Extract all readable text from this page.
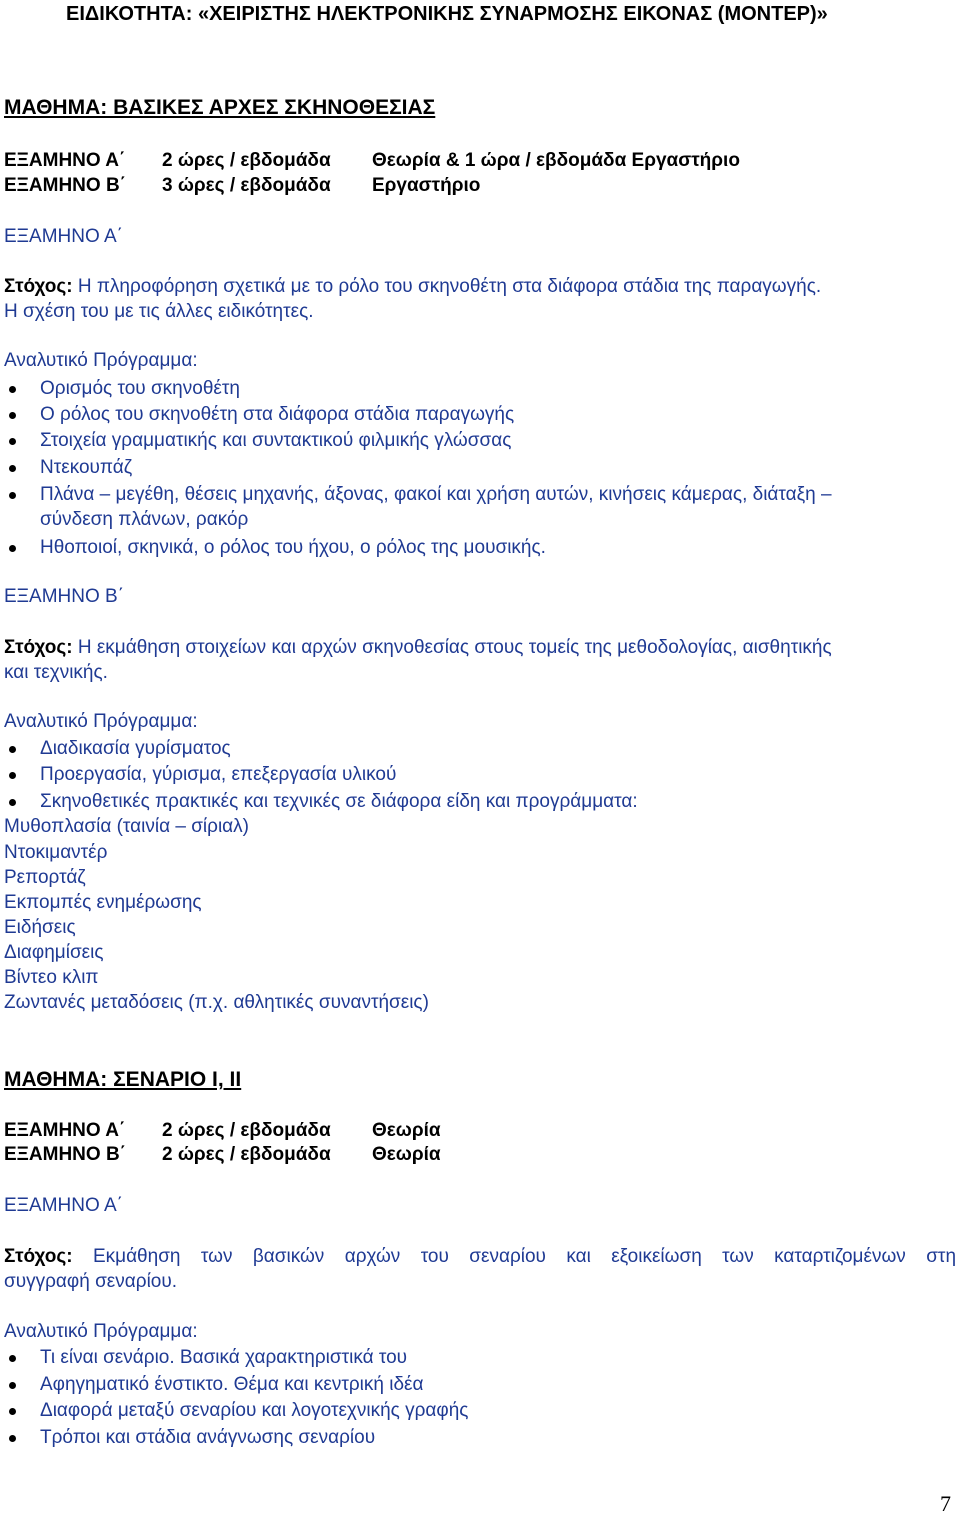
ΕΙΔΙΚΟΤΗΤΑ: «ΧΕΙΡΙΣΤΗΣ ΗΛΕΚΤΡΟΝΙΚΗΣ ΣΥΝΑΡΜΟΣΗΣ ΕΙΚΟΝΑΣ (ΜΟΝΤΕΡ)»
ΜΑΘΗΜΑ: ΒΑΣΙΚΕΣ ΑΡΧΕΣ ΣΚΗΝΟΘΕΣΙΑΣ
ΕΞΑΜΗΝΟ Α΄ 2 ώρες / εβδομάδα Θεωρία & 1 ώρα / εβδομάδα Εργαστήριο
ΕΞΑΜΗΝΟ Β΄ 3 ώρες / εβδομάδα Εργαστήριο
ΕΞΑΜΗΝΟ Α΄
Στόχος: Η πληροφόρηση σχετικά με το ρόλο του σκηνοθέτη στα διάφορα στάδια της παραγωγής.
Η σχέση του με τις άλλες ειδικότητες.
Αναλυτικό Πρόγραμμα:
Ορισμός του σκηνοθέτη
Ο ρόλος του σκηνοθέτη στα διάφορα στάδια παραγωγής
Στοιχεία γραμματικής και συντακτικού φιλμικής γλώσσας
Ντεκουπάζ
Πλάνα – μεγέθη, θέσεις μηχανής, άξονας, φακοί και χρήση αυτών, κινήσεις κάμερας, διάταξη –
σύνδεση πλάνων, ρακόρ
Ηθοποιοί, σκηνικά, ο ρόλος του ήχου, ο ρόλος της μουσικής.
ΕΞΑΜΗΝΟ Β΄
Στόχος: Η εκμάθηση στοιχείων και αρχών σκηνοθεσίας στους τομείς της μεθοδολογίας, αισθητικής
και τεχνικής.
Αναλυτικό Πρόγραμμα:
Διαδικασία γυρίσματος
Προεργασία, γύρισμα, επεξεργασία υλικού
Σκηνοθετικές πρακτικές και τεχνικές σε διάφορα είδη και προγράμματα:
Μυθοπλασία (ταινία – σίριαλ)
Ντοκιμαντέρ
Ρεπορτάζ
Εκπομπές ενημέρωσης
Ειδήσεις
Διαφημίσεις
Βίντεο κλιπ
Ζωντανές μεταδόσεις (π.χ. αθλητικές συναντήσεις)
ΜΑΘΗΜΑ: ΣΕΝΑΡΙΟ Ι, ΙΙ
ΕΞΑΜΗΝΟ Α΄ 2 ώρες / εβδομάδα Θεωρία
ΕΞΑΜΗΝΟ Β΄ 2 ώρες / εβδομάδα Θεωρία
ΕΞΑΜΗΝΟ Α΄
Στόχος: Εκμάθηση των βασικών αρχών του σεναρίου και εξοικείωση των καταρτιζομένων στη
συγγραφή σεναρίου.
Αναλυτικό Πρόγραμμα:
Τι είναι σενάριο. Βασικά χαρακτηριστικά του
Αφηγηματικό ένστικτο. Θέμα και κεντρική ιδέα
Διαφορά μεταξύ σεναρίου και λογοτεχνικής γραφής
Τρόποι και στάδια ανάγνωσης σεναρίου
7
